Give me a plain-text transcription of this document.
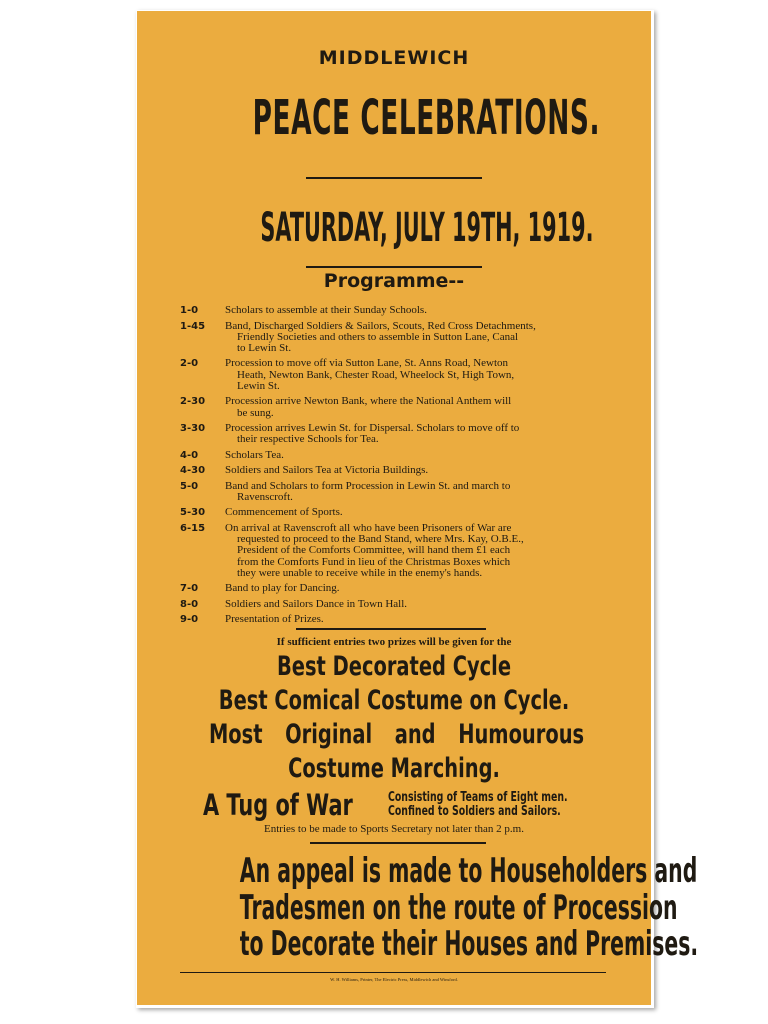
MIDDLEWICH
PEACE CELEBRATIONS.
SATURDAY, JULY 19TH, 1919.
Programme--
1-0	Scholars to assemble at their Sunday Schools.
1-45	Band, Discharged Soldiers & Sailors, Scouts, Red Cross Detachments,
Friendly Societies and others to assemble in Sutton Lane, Canal
to Lewin St.
2-0	Procession to move off via Sutton Lane, St. Anns Road, Newton
Heath, Newton Bank, Chester Road, Wheelock St, High Town,
Lewin St.
2-30	Procession arrive Newton Bank, where the National Anthem will
be sung.
3-30	Procession arrives Lewin St. for Dispersal. Scholars to move off to
their respective Schools for Tea.
4-0	Scholars Tea.
4-30	Soldiers and Sailors Tea at Victoria Buildings.
5-0	Band and Scholars to form Procession in Lewin St. and march to
Ravenscroft.
5-30	Commencement of Sports.
6-15	On arrival at Ravenscroft all who have been Prisoners of War are
requested to proceed to the Band Stand, where Mrs. Kay, O.B.E.,
President of the Comforts Committee, will hand them £1 each
from the Comforts Fund in lieu of the Christmas Boxes which
they were unable to receive while in the enemy's hands.
7-0	Band to play for Dancing.
8-0	Soldiers and Sailors Dance in Town Hall.
9-0	Presentation of Prizes.
If sufficient entries two prizes will be given for the
Best Decorated Cycle
Best Comical Costume on Cycle.
Most Original and Humourous
Costume Marching.
A Tug of War	Consisting of Teams of Eight men.
Confined to Soldiers and Sailors.
Entries to be made to Sports Secretary not later than 2 p.m.
An appeal is made to Householders and
Tradesmen on the route of Procession
to Decorate their Houses and Premises.
W. H. Williams, Printer, The Electric Press, Middlewich and Winsford.
